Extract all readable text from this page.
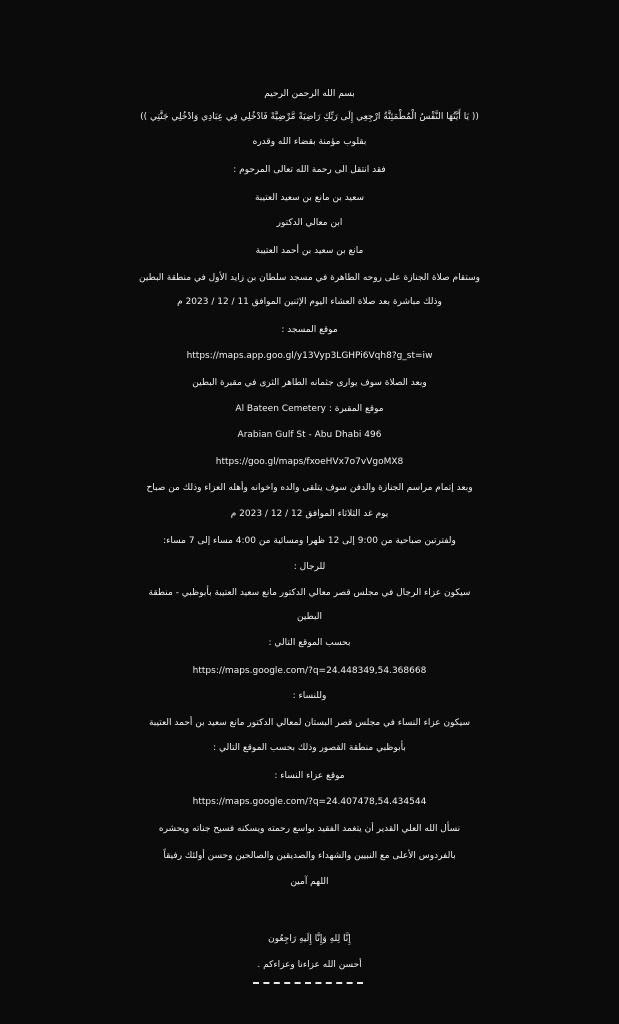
بسم الله الرحمن الرحيم
(( يَا أَيَّتُهَا النَّفْسُ الْمُطْمَئِنَّةُ ارْجِعِي إِلَى رَبِّكِ رَاضِيَةً مَّرْضِيَّةً فَادْخُلِي فِي عِبَادِي وَادْخُلِي جَنَّتِي ))
بقلوب مؤمنة بقضاء الله وقدره
فقد انتقل الى رحمة الله تعالى المرحوم :
سعيد بن مانع بن سعيد العتيبة
ابن معالي الدكتور
مانع بن سعيد بن أحمد العتيبة
وستقام صلاة الجنازة على روحه الطاهرة في مسجد سلطان بن زايد الأول في منطقة البطين
وذلك مباشرة بعد صلاة العشاء اليوم الإثنين الموافق 11 / 12 / 2023 م
موقع المسجد :
https://maps.app.goo.gl/y13Vyp3LGHPi6Vqh8?g_st=iw
وبعد الصلاة سوف يوارى جثمانه الطاهر الثرى في مقبرة البطين
موقع المقبرة : Al Bateen Cemetery
Arabian Gulf St - Abu Dhabi 496
https://goo.gl/maps/fxoeHVx7o7vVgoMX8
وبعد إتمام مراسم الجنازة والدفن سوف يتلقى والده واخوانه وأهله العزاء وذلك من صباح
يوم غد الثلاثاء الموافق 12 / 12 / 2023 م
ولفترتين صباحية من 9:00 إلى 12 ظهرا ومسائية من 4:00 مساء إلى 7 مساء:
للرجال :
سيكون عزاء الرجال في مجلس قصر معالي الدكتور مانع سعيد العتيبة بأبوظبي - منطقة
البطين
بحسب الموقع التالي :
https://maps.google.com/?q=24.448349,54.368668
وللنساء :
سيكون عزاء النساء في مجلس قصر البستان لمعالي الدكتور مانع سعيد بن أحمد العتيبة
بأبوظبي منطقة القصور وذلك بحسب الموقع التالي :
موقع عزاء النساء :
https://maps.google.com/?q=24.407478,54.434544
نسأل الله العلي القدير أن يتغمد الفقيد بواسع رحمته ويسكنه فسيح جناته ويحشره
بالفردوس الأعلى مع النبيين والشهداء والصديقين والصالحين وحسن أولئك رفيقاً
اللهم آمين
إِنَّا لِلهِ وَإِنَّا إِلَيهِ رَاجِعُون
أحسن الله عزاءنا وعزاءكم .
